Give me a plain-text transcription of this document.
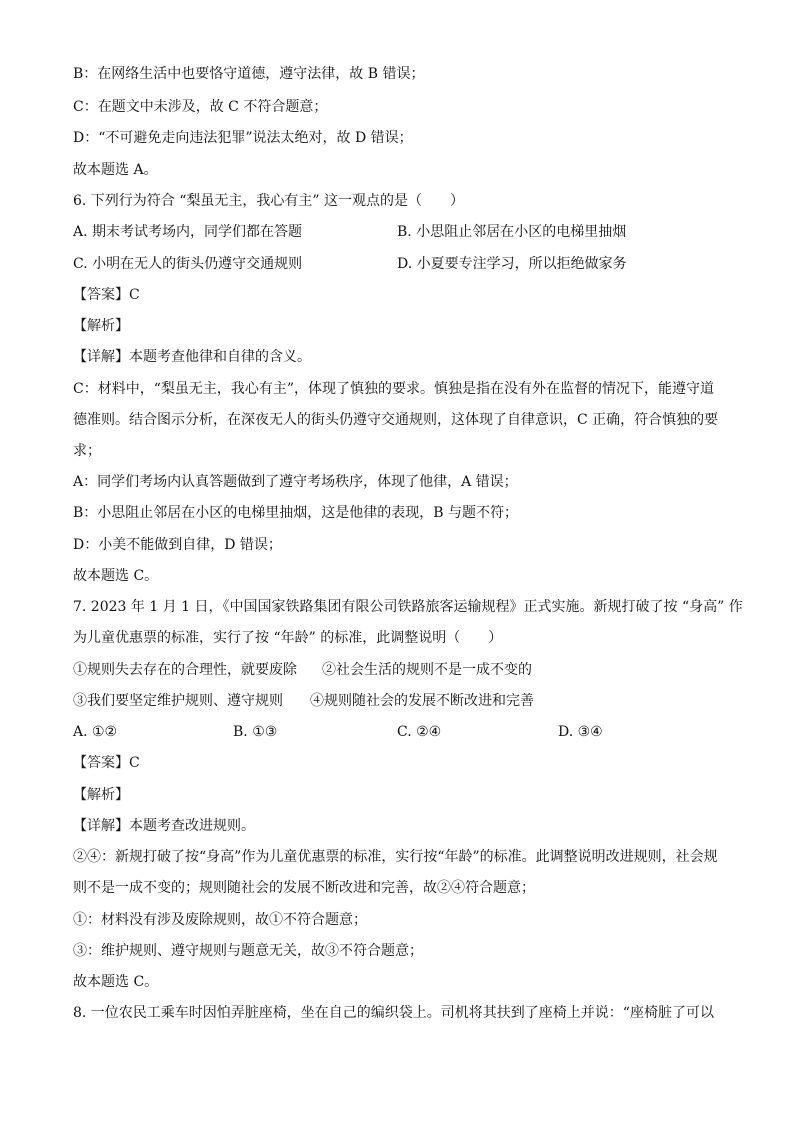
B：在网络生活中也要恪守道德，遵守法律，故 B 错误；
C：在题文中未涉及，故 C 不符合题意；
D：“不可避免走向违法犯罪”说法太绝对，故 D 错误；
故本题选 A。
6. 下列行为符合 “梨虽无主，我心有主” 这一观点的是（　　）
A. 期末考试考场内，同学们都在答题	B. 小思阻止邻居在小区的电梯里抽烟
C. 小明在无人的街头仍遵守交通规则	D. 小夏要专注学习，所以拒绝做家务
【答案】C
【解析】
【详解】本题考查他律和自律的含义。
C：材料中，“梨虽无主，我心有主”，体现了慎独的要求。慎独是指在没有外在监督的情况下，能遵守道
德准则。结合图示分析，在深夜无人的街头仍遵守交通规则，这体现了自律意识，C 正确，符合慎独的要
求；
A：同学们考场内认真答题做到了遵守考场秩序，体现了他律，A 错误；
B：小思阻止邻居在小区的电梯里抽烟，这是他律的表现，B 与题不符；
D：小美不能做到自律，D 错误；
故本题选 C。
7. 2023 年 1 月 1 日，《中国国家铁路集团有限公司铁路旅客运输规程》正式实施。新规打破了按 “身高” 作
为儿童优惠票的标准，实行了按 “年龄” 的标准，此调整说明（　　）
①规则失去存在的合理性，就要废除 ②社会生活的规则不是一成不变的
③我们要坚定维护规则、遵守规则 ④规则随社会的发展不断改进和完善
A. ①②	B. ①③	C. ②④	D. ③④
【答案】C
【解析】
【详解】本题考查改进规则。
②④：新规打破了按“身高”作为儿童优惠票的标准，实行按“年龄”的标准。此调整说明改进规则，社会规
则不是一成不变的；规则随社会的发展不断改进和完善，故②④符合题意；
①：材料没有涉及废除规则，故①不符合题意；
③：维护规则、遵守规则与题意无关，故③不符合题意；
故本题选 C。
8. 一位农民工乘车时因怕弄脏座椅，坐在自己的编织袋上。司机将其扶到了座椅上并说：“座椅脏了可以
